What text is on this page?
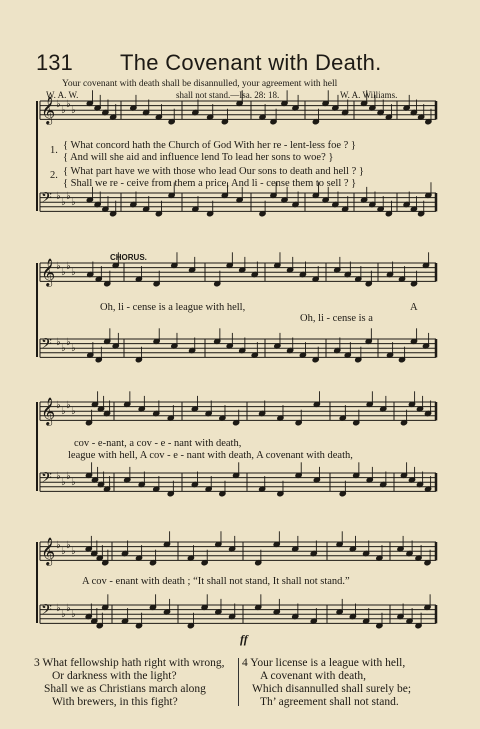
131 The Covenant with Death.
Your covenant with death shall be disannulled, your agreement with hell
W. A. W.	shall not stand.—Isa. 28: 18.	W. A. Williams.
𝄞 ♭
♭
♭
♭
𝄢 ♭
♭
♭
♭
𝄞 ♭
♭
♭
♭
𝄢 ♭
♭
♭
♭
𝄞 ♭
♭
♭
♭
𝄢 ♭
♭
♭
♭
𝄞 ♭
♭
♭
♭
𝄢 ♭
♭
♭
♭
1. { What concord hath the Church of God With her re - lent-less foe ? }
{ And will she aid and influence lend To lead her sons to woe? }
2. { What part have we with those who lead Our sons to death and hell ? }
{ Shall we re - ceive from them a price, And li - cense them to sell ? }
CHORUS.
Oh, li - cense is a league with hell,	A
Oh, li - cense is a
cov - e-nant, a cov - e - nant with death,
league with hell, A cov - e - nant with death, A covenant with death,
ff
A cov - enant with death ; “It shall not stand, It shall not stand.”
3 What fellowship hath right with wrong,
Or darkness with the light?
Shall we as Christians march along
With brewers, in this fight?
4 Your license is a league with hell,
A covenant with death,
Which disannulled shall surely be;
Th’ agreement shall not stand.
